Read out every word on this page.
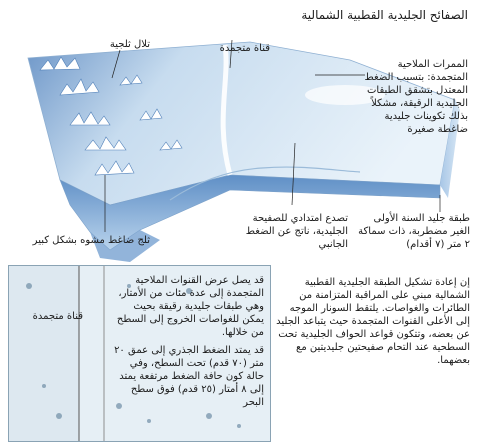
الصفائح الجليدية القطبية الشمالية
قناة متجمدة
تلال ثلجية
الممرات الملاحية المتجمدة: بتسبب الضغط المعتدل بتشقق الطبقات الجليدية الرقيقة، مشكلاً بذلك تكوينات جليدية ضاغطة صغيرة
طبقة جليد السنة الأولى الغير مضطربة، ذات سماكة ٢ متر (٧ أقدام)
تصدع امتدادي للصفيحة الجليدية، ناتج عن الضغط الجانبي
ثلج ضاغط مشوه بشكل كبير
قناة متجمدة
قد يصل عرض القنوات الملاحية المتجمدة إلى عدة مئات من الأمتار، وهي طبقات جليدية رقيقة بحيث يمكن للغواصات الخروج إلى السطح من خلالها.
قد يمتد الضغط الجذري إلى عمق ٢٠ متر (٧٠ قدم) تحت السطح، وفي حالة كون حافة الضغط مرتفعة يمتد إلى ٨ أمتار (٢٥ قدم) فوق سطح البحر
إن إعادة تشكيل الطبقة الجليدية القطبية الشمالية مبني على المراقبة المتزامنة من الطائرات والغواصات. يلتقط السونار الموجه إلى الأعلى القنوات المتجمدة حيث يتباعد الجليد عن بعضه، وتتكون قواعد الحواف الجليدية تحت السطحية عند التحام صفيحتين جليديتين مع بعضهما.
